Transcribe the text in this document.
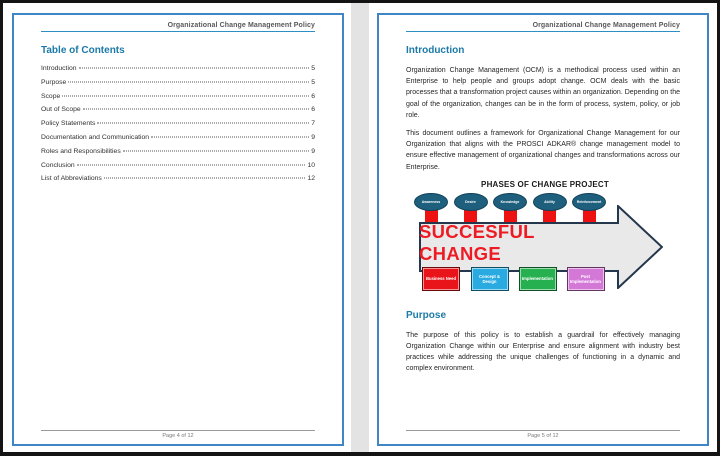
Organizational Change Management Policy
Table of Contents
Introduction	5
Purpose	5
Scope	6
Out of Scope	6
Policy Statements	7
Documentation and Communication	9
Roles and Responsibilities	9
Conclusion	10
List of Abbreviations	12
Page 4 of 12
Organizational Change Management Policy
Introduction
Organization Change Management (OCM) is a methodical process used within an Enterprise to help people and groups adopt change. OCM deals with the basic processes that a transformation project causes within an organization. Depending on the goal of the organization, changes can be in the form of process, system, policy, or job role.
This document outlines a framework for Organizational Change Management for our Organization that aligns with the PROSCI ADKAR® change management model to ensure effective management of organizational changes and transformations across our Enterprise.
PHASES OF CHANGE PROJECT
Awareness	Desire	Knowledge	Ability	Reinforcement
SUCCESFUL CHANGE
Business Need	Concept & Design	Implementation	Post Implementation
Purpose
The purpose of this policy is to establish a guardrail for effectively managing Organization Change within our Enterprise and ensure alignment with industry best practices while addressing the unique challenges of functioning in a dynamic and complex environment.
Page 5 of 12
